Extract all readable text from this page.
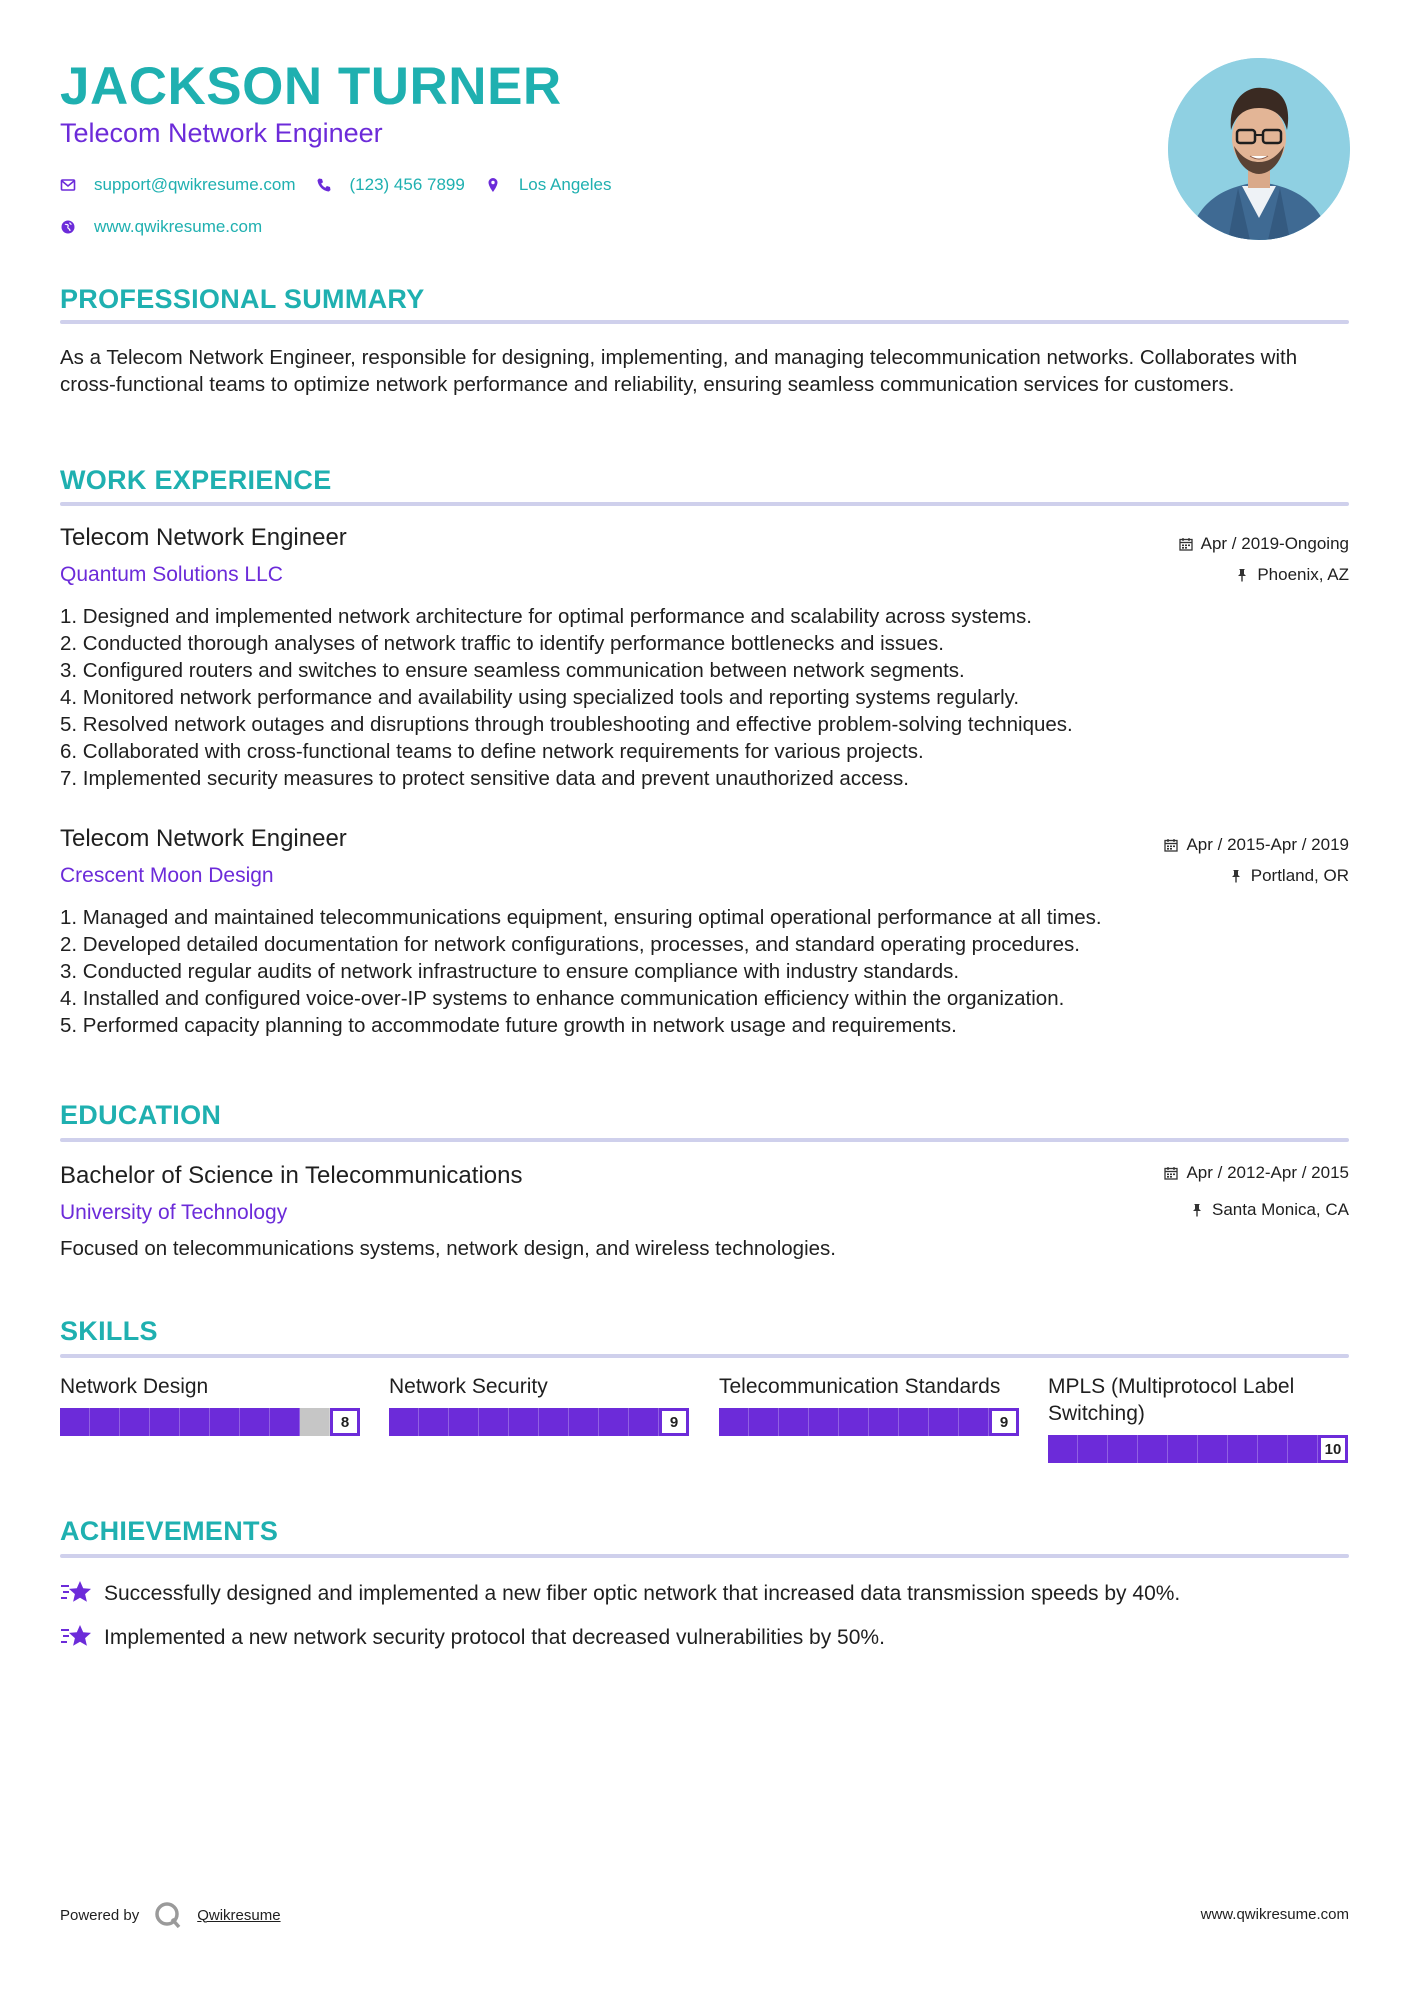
JACKSON TURNER
Telecom Network Engineer
support@qwikresume.com	(123) 456 7899	Los Angeles
www.qwikresume.com
PROFESSIONAL SUMMARY
As a Telecom Network Engineer, responsible for designing, implementing, and managing telecommunication networks. Collaborates with cross-functional teams to optimize network performance and reliability, ensuring seamless communication services for customers.
WORK EXPERIENCE
Telecom Network Engineer
Quantum Solutions LLC
Apr / 2019-Ongoing
Phoenix, AZ
1. Designed and implemented network architecture for optimal performance and scalability across systems.
2. Conducted thorough analyses of network traffic to identify performance bottlenecks and issues.
3. Configured routers and switches to ensure seamless communication between network segments.
4. Monitored network performance and availability using specialized tools and reporting systems regularly.
5. Resolved network outages and disruptions through troubleshooting and effective problem-solving techniques.
6. Collaborated with cross-functional teams to define network requirements for various projects.
7. Implemented security measures to protect sensitive data and prevent unauthorized access.
Telecom Network Engineer
Crescent Moon Design
Apr / 2015-Apr / 2019
Portland, OR
1. Managed and maintained telecommunications equipment, ensuring optimal operational performance at all times.
2. Developed detailed documentation for network configurations, processes, and standard operating procedures.
3. Conducted regular audits of network infrastructure to ensure compliance with industry standards.
4. Installed and configured voice-over-IP systems to enhance communication efficiency within the organization.
5. Performed capacity planning to accommodate future growth in network usage and requirements.
EDUCATION
Bachelor of Science in Telecommunications
University of Technology
Apr / 2012-Apr / 2015
Santa Monica, CA
Focused on telecommunications systems, network design, and wireless technologies.
SKILLS
Network Design
8
Network Security
9
Telecommunication Standards
9
MPLS (Multiprotocol Label Switching)
10
ACHIEVEMENTS
Successfully designed and implemented a new fiber optic network that increased data transmission speeds by 40%.
Implemented a new network security protocol that decreased vulnerabilities by 50%.
Powered by	Qwikresume	www.qwikresume.com
